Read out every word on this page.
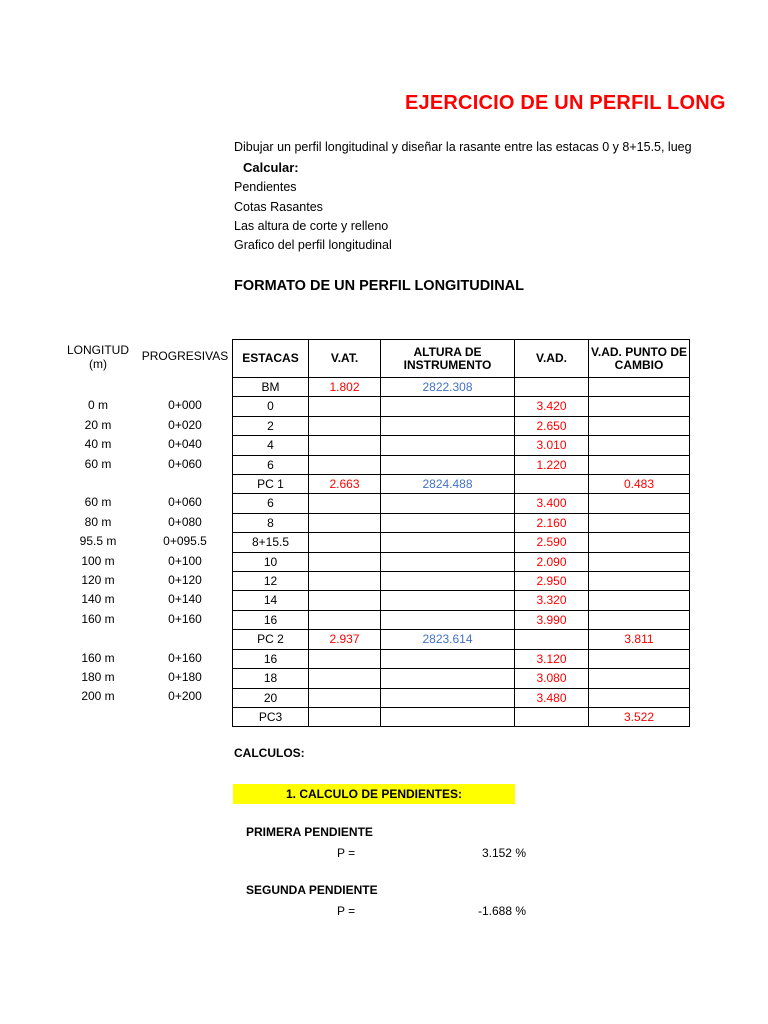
EJERCICIO DE UN PERFIL LONG
Dibujar un perfil longitudinal y diseñar la rasante entre las estacas 0 y 8+15.5, lueg
Calcular:
Pendientes
Cotas Rasantes
Las altura de corte y relleno
Grafico del perfil longitudinal
FORMATO DE UN PERFIL LONGITUDINAL
LONGITUD (m)
PROGRESIVAS
0 m	0+000
20 m	0+020
40 m	0+040
60 m	0+060
60 m	0+060
80 m	0+080
95.5 m	0+095.5
100 m	0+100
120 m	0+120
140 m	0+140
160 m	0+160
160 m	0+160
180 m	0+180
200 m	0+200
ESTACAS	V.AT.	ALTURA DE INSTRUMENTO	V.AD.	V.AD. PUNTO DE CAMBIO
BM	1.802	2822.308		
0			3.420	
2			2.650	
4			3.010	
6			1.220	
PC 1	2.663	2824.488		0.483
6			3.400	
8			2.160	
8+15.5			2.590	
10			2.090	
12			2.950	
14			3.320	
16			3.990	
PC 2	2.937	2823.614		3.811
16			3.120	
18			3.080	
20			3.480	
PC3				3.522
CALCULOS:
1. CALCULO DE PENDIENTES:
PRIMERA PENDIENTE
P =	3.152 %
SEGUNDA PENDIENTE
P =	-1.688 %
